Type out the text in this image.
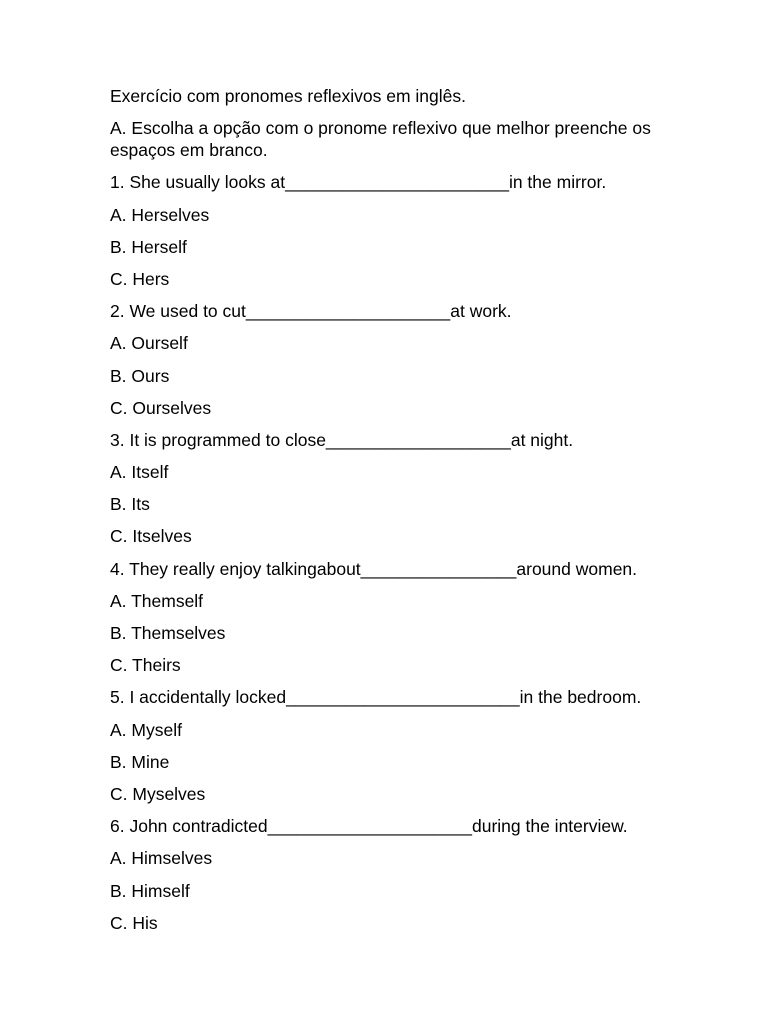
Exercício com pronomes reflexivos em inglês.
A. Escolha a opção com o pronome reflexivo que melhor preenche os espaços em branco.
1. She usually looks at_______________________in the mirror.
A. Herselves
B. Herself
C. Hers
2. We used to cut_____________________at work.
A. Ourself
B. Ours
C. Ourselves
3. It is programmed to close___________________at night.
A. Itself
B. Its
C. Itselves
4. They really enjoy talkingabout________________around women.
A. Themself
B. Themselves
C. Theirs
5. I accidentally locked________________________in the bedroom.
A. Myself
B. Mine
C. Myselves
6. John contradicted_____________________during the interview.
A. Himselves
B. Himself
C. His
